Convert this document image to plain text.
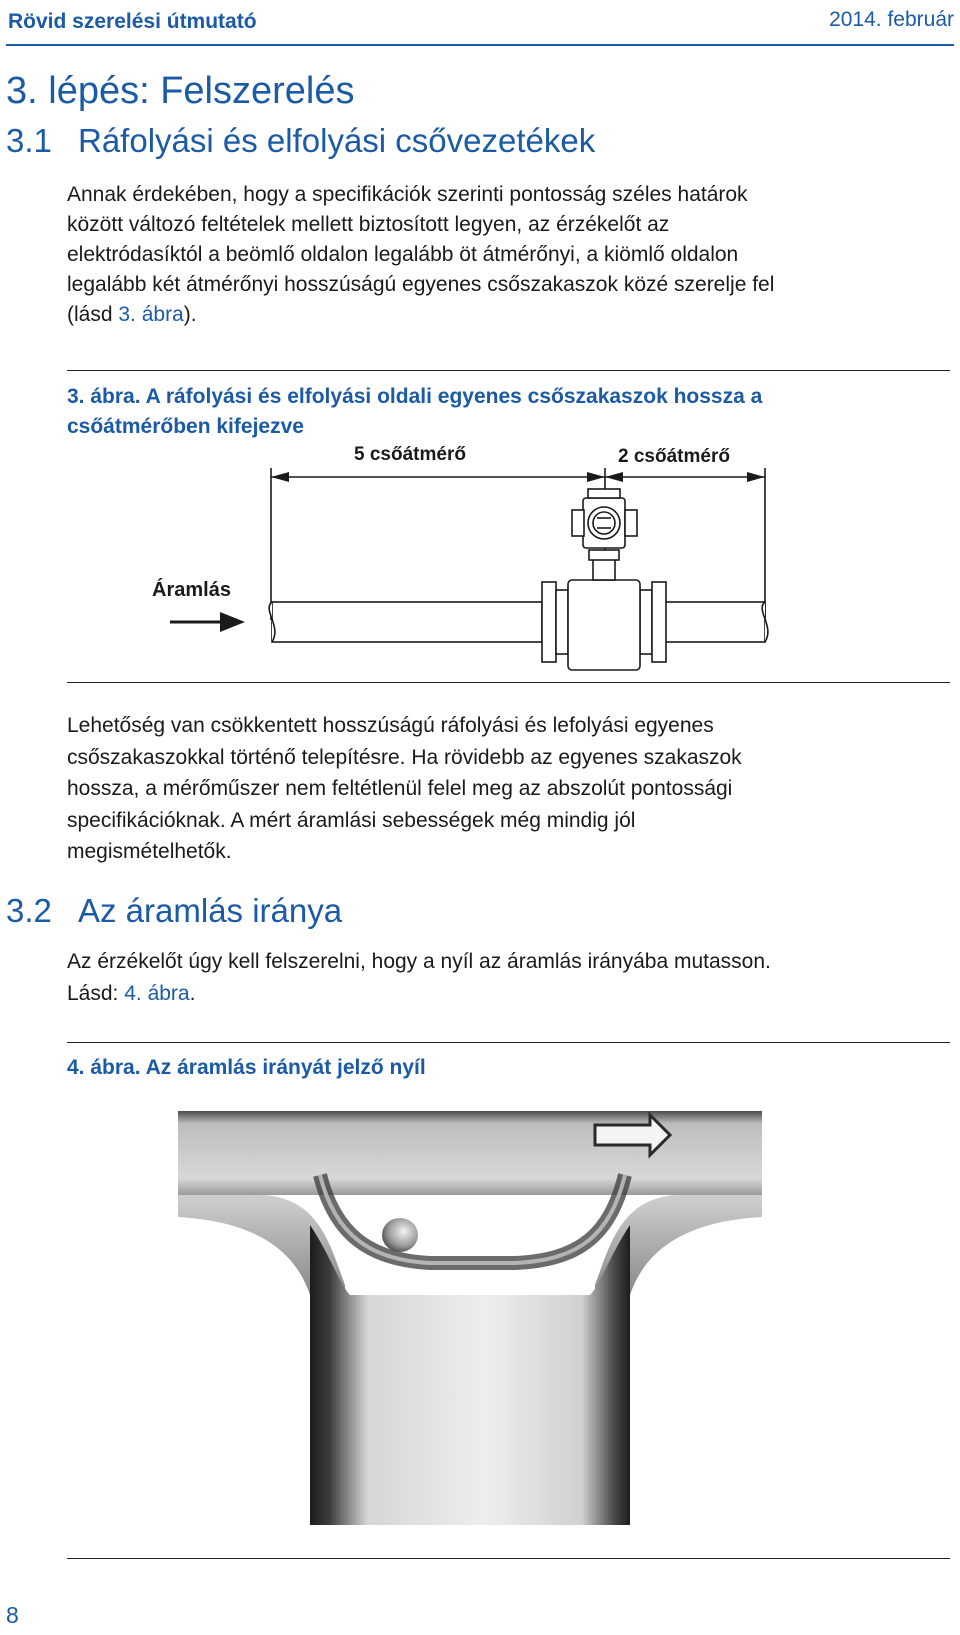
Rövid szerelési útmutató	2014. február
3. lépés: Felszerelés
3.1 Ráfolyási és elfolyási csővezetékek
Annak érdekében, hogy a specifikációk szerinti pontosság széles határok
között változó feltételek mellett biztosított legyen, az érzékelőt az
elektródasíktól a beömlő oldalon legalább öt átmérőnyi, a kiömlő oldalon
legalább két átmérőnyi hosszúságú egyenes csőszakaszok közé szerelje fel
(lásd 3. ábra).
3. ábra. A ráfolyási és elfolyási oldali egyenes csőszakaszok hossza a
csőátmérőben kifejezve
5 csőátmérő	2 csőátmérő
Áramlás
Lehetőség van csökkentett hosszúságú ráfolyási és lefolyási egyenes
csőszakaszokkal történő telepítésre. Ha rövidebb az egyenes szakaszok
hossza, a mérőműszer nem feltétlenül felel meg az abszolút pontossági
specifikációknak. A mért áramlási sebességek még mindig jól
megismételhetők.
3.2 Az áramlás iránya
Az érzékelőt úgy kell felszerelni, hogy a nyíl az áramlás irányába mutasson.
Lásd: 4. ábra.
4. ábra. Az áramlás irányát jelző nyíl
8
